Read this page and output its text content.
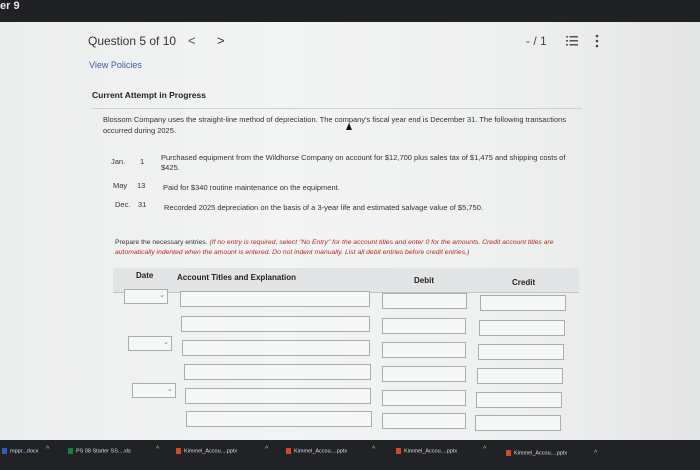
er 9
Question 5 of 10 < >	- / 1
View Policies
Current Attempt in Progress
Blossom Company uses the straight-line method of depreciation. The company's fiscal year end is December 31. The following transactions occurred during 2025.
Jan. 1 Purchased equipment from the Wildhorse Company on account for $12,700 plus sales tax of $1,475 and shipping costs of $425.
May 13 Paid for $340 routine maintenance on the equipment.
Dec. 31 Recorded 2025 depreciation on the basis of a 3-year life and estimated salvage value of $5,750.
Prepare the necessary entries. (If no entry is required, select "No Entry" for the account titles and enter 0 for the amounts. Credit account titles are automatically indented when the amount is entered. Do not indent manually. List all debit entries before credit entries.)
Date	Account Titles and Explanation	Debit	Credit
⌄
⌄
⌄
mppr...docx ^	PS 08 Starter SS....xls	^	Kimmel_Accou....pptx	^	Kimmel_Accou....pptx	^	Kimmel_Accou....pptx	^
Kimmel_Accou....pptx	^
